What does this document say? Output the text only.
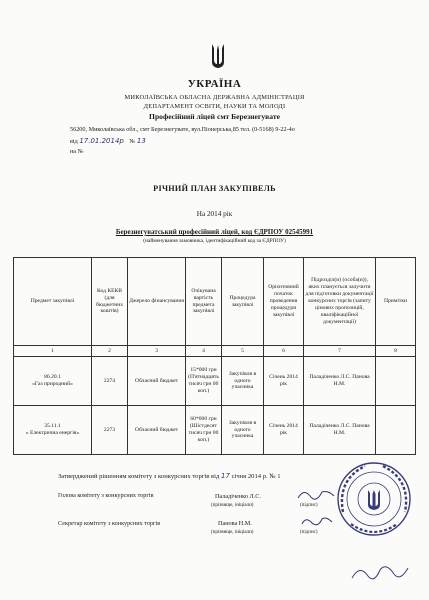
УКРАЇНА
МИКОЛАЇВСЬКА ОБЛАСНА ДЕРЖАВНА АДМІНІСТРАЦІЯ
ДЕПАРТАМЕНТ ОСВІТИ, НАУКИ ТА МОЛОДІ
Професійний ліцей смт Березнегувате
56200, Миколаївська обл., смт Березнегувате, вул.Піонерська,85 тел. (0-5168) 9-22-4о
від 17.01.2014р № 13
на №
РІЧНИЙ ПЛАН ЗАКУПІВЕЛЬ
На 2014 рік
Березнегуватський професійний ліцей, код ЄДРПОУ 02545991
(найменування замовника, ідентифікаційний код за ЄДРПОУ)
Предмет закупівлі	Код КЕКВ (для бюджетних коштів)	Джерело фінансування	Очікувана вартість предмета закупівлі	Процедура закупівлі	Орієнтовний початок проведення процедури закупівлі	Підрозділ(и) (особа(и)), яких планується залучити для підготовки документації конкурсних торгів (запиту цінових пропозицій, кваліфікаційної документації)	Примітки
1	2	3	4	5	6	7	8

86.20.1
«Газ природний»	2274	Обласний бюджет	15*000 грн (П'ятнадцять тисяч грн 00 коп.)	Закупівля в одного учасника	Січень 2014 рік	Паладіченко Л.С. Панова Н.М.	

35.11.1
« Електрична енергія»	2273	Обласний бюджет	60*000 грн (Шістдесят тисяч грн 00 коп.)	Закупівля в одного учасника	Січень 2014 рік	Паладіченко Л.С. Панова Н.М.	
Затверджений рішенням комітету з конкурсних торгів від 17 січня 2014 р. № 1
Голова комітету з конкурсних торгів	Паладіченко Л.С.
(прізвище, ініціали)	(підпис)
Секретар комітету з конкурсних торгів	Панова Н.М.
(прізвище, ініціали)	(підпис)
